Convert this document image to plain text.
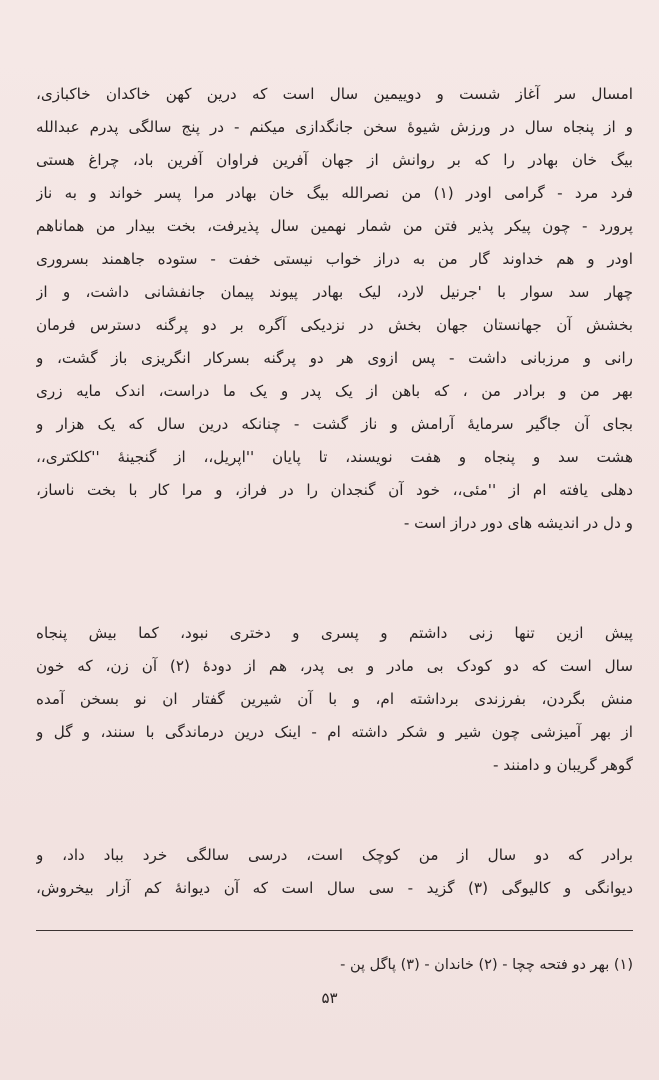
امسال سر آغاز شست و دوییمین سال است که درین کهن خاکدان خاکبازی،
و از پنجاه سال در ورزش شیوهٔ سخن جانگدازی میکنم - در پنج سالگی پدرم عبدالله
بیگ خان بهادر را که بر روانش از جهان آفرین فراوان آفرین باد، چراغ هستی
فرد مرد - گرامی اودر (۱) من نصرالله بیگ خان بهادر مرا پسر خواند و به ناز
پرورد - چون پیکر پذیر فتن من شمار نهمین سال پذیرفت، بخت بیدار من هماناهم
اودر و هم خداوند گار من به دراز خواب نیستی خفت - ستوده جاهمند بسروری
چهار سد سوار با 'جرنیل لارد، لیک بهادر پیوند پیمان جانفشانی داشت، و از
بخشش آن جهانستان جهان بخش در نزدیکی آگره بر دو پرگنه دسترس فرمان
رانی و مرزبانی داشت - پس ازوی هر دو پرگنه بسرکار انگریزی باز گشت، و
بهر من و برادر من ، که باهن از یک پدر و یک ما دراست، اندک مایه زری
بجای آن جاگیر سرمایهٔ آرامش و ناز گشت - چنانکه درین سال که یک هزار و
هشت سد و پنجاه و هفت نویسند، تا پایان ''اپریل،، از گنجینهٔ ''کلکتری،،
دهلی یافته ام از ''مئی،، خود آن گنجدان را در فراز، و مرا کار با بخت ناساز،
و دل در اندیشه های دور دراز است -
پیش ازین تنها زنی داشتم و پسری و دختری نبود، کما بیش پنجاه
سال است که دو کودک بی مادر و بی پدر، هم از دودهٔ (۲) آن زن، که خون
منش بگردن، بفرزندی برداشته ام، و با آن شیرین گفتار ان نو بسخن آمده
از بهر آمیزشی چون شیر و شکر داشته ام - اینک درین درماندگی با سنند، و گل و
گوهر گریبان و دامنند -
برادر که دو سال از من کوچک است، درسی سالگی خرد بباد داد، و
دیوانگی و کالیوگی (۳) گزید - سی سال است که آن دیوانهٔ کم آزار بیخروش،
(۱) بهر دو فتحه چچا - (۲) خاندان - (۳) پاگل پن -
۵۳
